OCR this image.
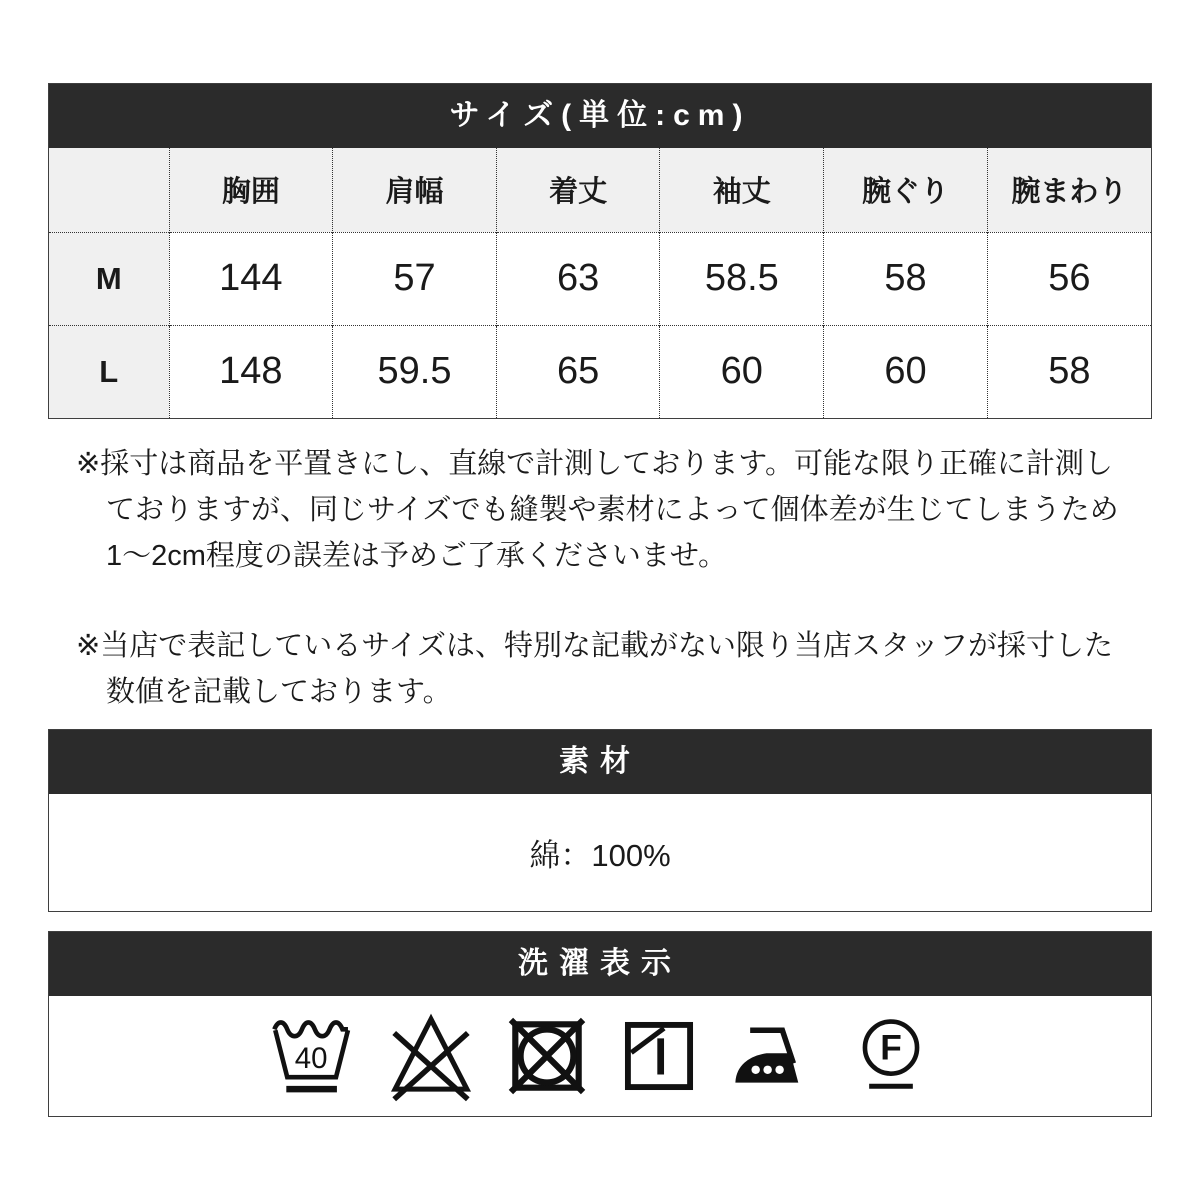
サイズ(単位:cm)
	胸囲	肩幅	着丈	袖丈	腕ぐり	腕まわり
M	144	57	63	58.5	58	56
L	148	59.5	65	60	60	58
※採寸は商品を平置きにし、直線で計測しております。可能な限り正確に計測し
ておりますが、同じサイズでも縫製や素材によって個体差が生じてしまうため
1〜2cm程度の誤差は予めご了承くださいませ。
※当店で表記しているサイズは、特別な記載がない限り当店スタッフが採寸した
数値を記載しております。
素材
綿：100%
洗濯表示
40	F
